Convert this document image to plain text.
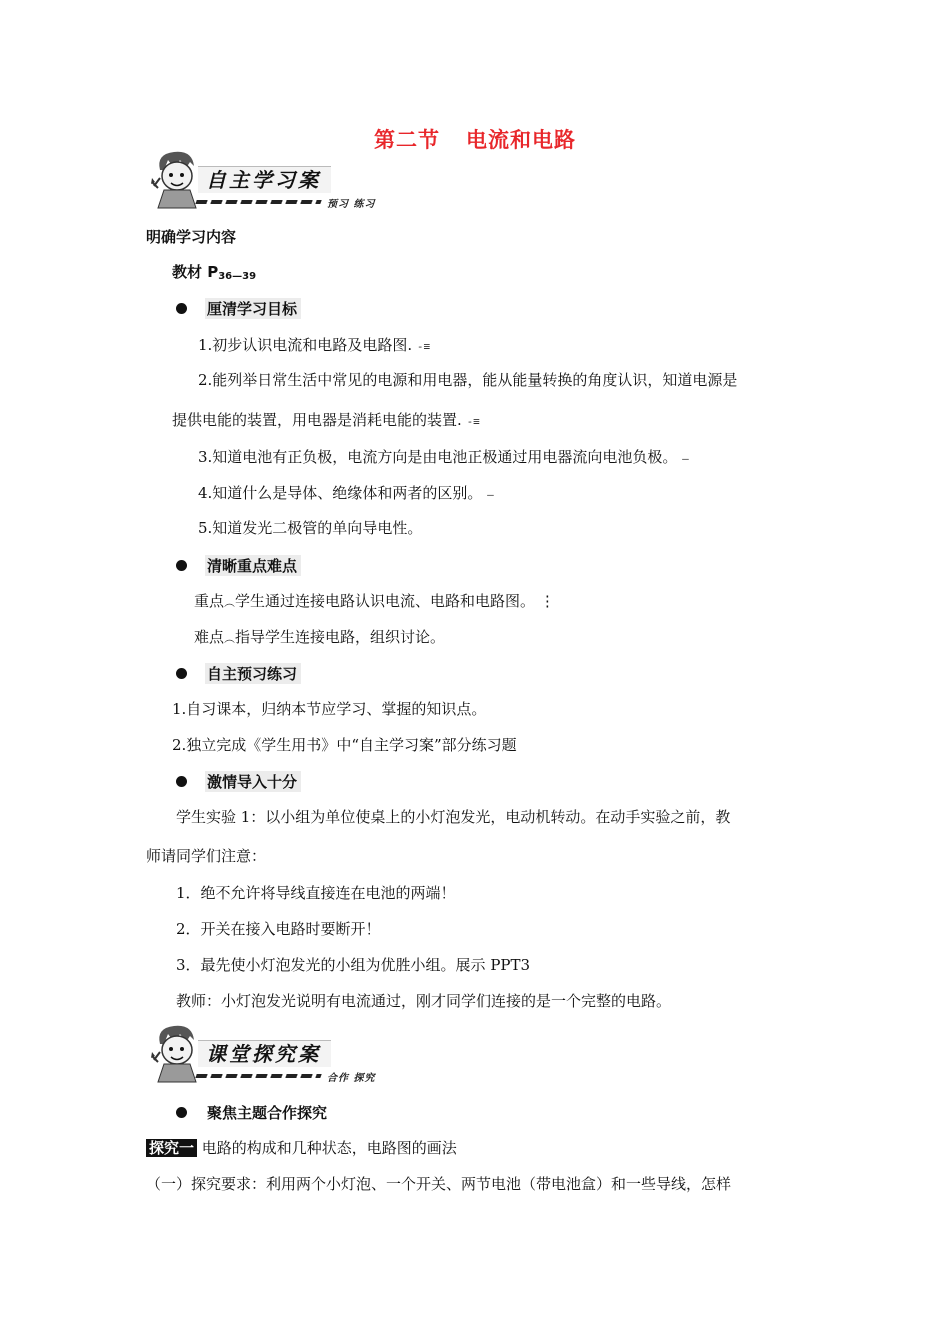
第二节 电流和电路
自主学习案
预习 练习
明确学习内容
教材 P36—39
厘清学习目标
1.初步认识电流和电路及电路图. -≡
2.能列举日常生活中常见的电源和用电器，能从能量转换的角度认识，知道电源是
提供电能的装置，用电器是消耗电能的装置. -≡
3.知道电池有正负极，电流方向是由电池正极通过用电器流向电池负极。 —
4.知道什么是导体、绝缘体和两者的区别。 —
5.知道发光二极管的单向导电性。
清晰重点难点
重点︵学生通过连接电路认识电流、电路和电路图。 ⋮
难点︵指导学生连接电路，组织讨论。
自主预习练习
1.自习课本，归纳本节应学习、掌握的知识点。
2.独立完成《学生用书》中“自主学习案”部分练习题
激情导入十分
学生实验 1：以小组为单位使桌上的小灯泡发光，电动机转动。在动手实验之前，教
师请同学们注意：
1．绝不允许将导线直接连在电池的两端！
2．开关在接入电路时要断开！
3．最先使小灯泡发光的小组为优胜小组。展示 PPT3
教师：小灯泡发光说明有电流通过，刚才同学们连接的是一个完整的电路。
课堂探究案
合作 探究
聚焦主题合作探究
探究一 电路的构成和几种状态，电路图的画法
（一）探究要求：利用两个小灯泡、一个开关、两节电池（带电池盒）和一些导线，怎样
